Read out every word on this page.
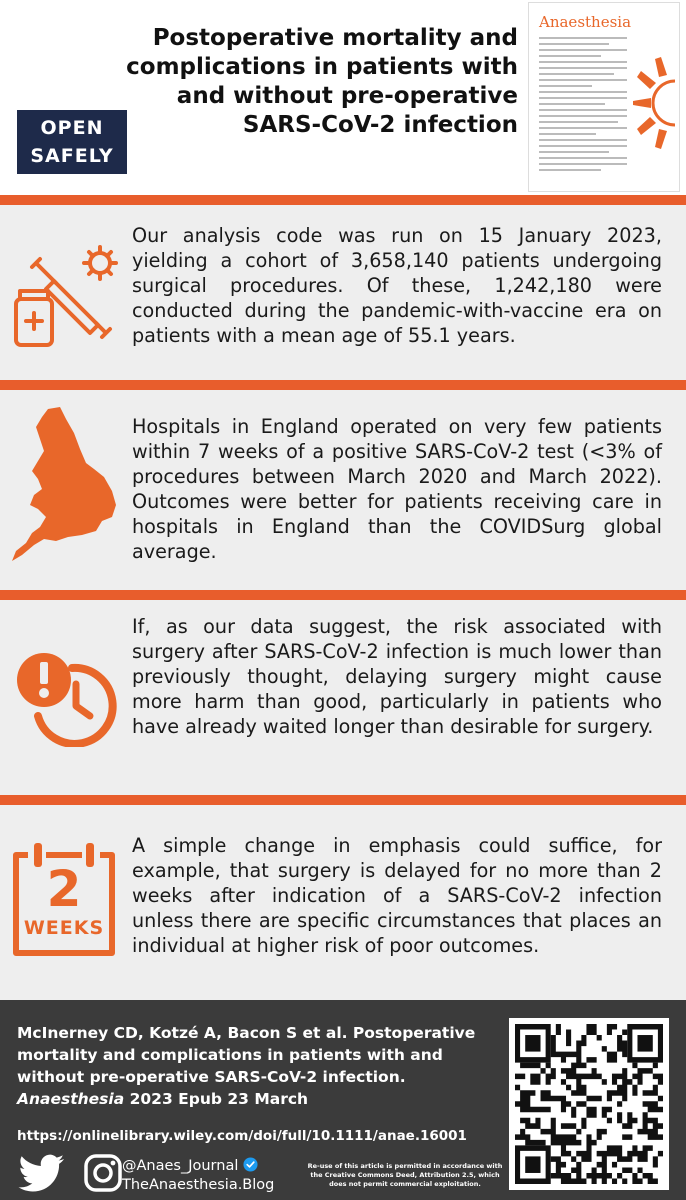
Postoperative mortality and complications in patients with and without pre-operative SARS-CoV-2 infection
OPEN
SAFELY
Anaesthesia
Our analysis code was run on 15 January 2023, yielding a cohort of 3,658,140 patients undergoing surgical procedures. Of these, 1,242,180 were conducted during the pandemic-with-vaccine era on patients with a mean age of 55.1 years.
Hospitals in England operated on very few patients within 7 weeks of a positive SARS-CoV-2 test (<3% of procedures between March 2020 and March 2022). Outcomes were better for patients receiving care in hospitals in England than the COVIDSurg global average.
If, as our data suggest, the risk associated with surgery after SARS-CoV-2 infection is much lower than previously thought, delaying surgery might cause more harm than good, particularly in patients who have already waited longer than desirable for surgery.
2
WEEKS
A simple change in emphasis could suffice, for example, that surgery is delayed for no more than 2 weeks after indication of a SARS-CoV-2 infection unless there are specific circumstances that places an individual at higher risk of poor outcomes.
McInerney CD, Kotzé A, Bacon S et al. Postoperative mortality and complications in patients with and without pre-operative SARS-CoV-2 infection. Anaesthesia 2023 Epub 23 March
https://onlinelibrary.wiley.com/doi/full/10.1111/anae.16001

@Anaes_Journal
TheAnaesthesia.Blog
Re-use of this article is permitted in accordance with the Creative Commons Deed, Attribution 2.5, which does not permit commercial exploitation.
